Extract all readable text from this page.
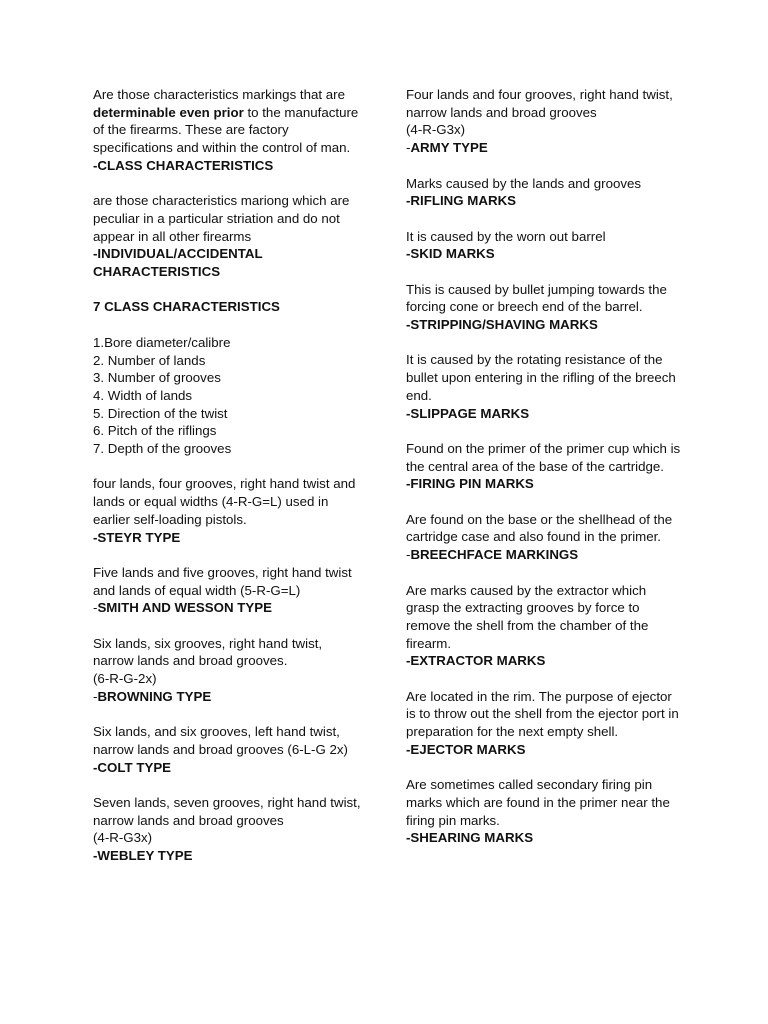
Are those characteristics markings that are determinable even prior to the manufacture of the firearms. These are factory specifications and within the control of man.

-CLASS CHARACTERISTICS

are those characteristics mariong which are peculiar in a particular striation and do not appear in all other firearms

-INDIVIDUAL/ACCIDENTAL CHARACTERISTICS

7 CLASS CHARACTERISTICS

1.Bore diameter/calibre
2. Number of lands
3. Number of grooves
4. Width of lands
5. Direction of the twist
6. Pitch of the riflings
7. Depth of the grooves

four lands, four grooves, right hand twist and lands or equal widths (4-R-G=L) used in earlier self-loading pistols.

-STEYR TYPE

Five lands and five grooves, right hand twist and lands of equal width (5-R-G=L)

-SMITH AND WESSON TYPE

Six lands, six grooves, right hand twist, narrow lands and broad grooves.

(6-R-G-2x)

-BROWNING TYPE

Six lands, and six grooves, left hand twist, narrow lands and broad grooves (6-L-G 2x)

-COLT TYPE

Seven lands, seven grooves, right hand twist, narrow lands and broad grooves

(4-R-G3x)

-WEBLEY TYPE

Four lands and four grooves, right hand twist, narrow lands and broad grooves

(4-R-G3x)

-ARMY TYPE

Marks caused by the lands and grooves

-RIFLING MARKS

It is caused by the worn out barrel

-SKID MARKS

This is caused by bullet jumping towards the forcing cone or breech end of the barrel.

-STRIPPING/SHAVING MARKS

It is caused by the rotating resistance of the bullet upon entering in the rifling of the breech end.

-SLIPPAGE MARKS

Found on the primer of the primer cup which is the central area of the base of the cartridge.

-FIRING PIN MARKS

Are found on the base or the shellhead of the cartridge case and also found in the primer.

-BREECHFACE MARKINGS

Are marks caused by the extractor which grasp the extracting grooves by force to remove the shell from the chamber of the firearm.

-EXTRACTOR MARKS

Are located in the rim. The purpose of ejector is to throw out the shell from the ejector port in preparation for the next empty shell.

-EJECTOR MARKS

Are sometimes called secondary firing pin marks which are found in the primer near the firing pin marks.

-SHEARING MARKS
